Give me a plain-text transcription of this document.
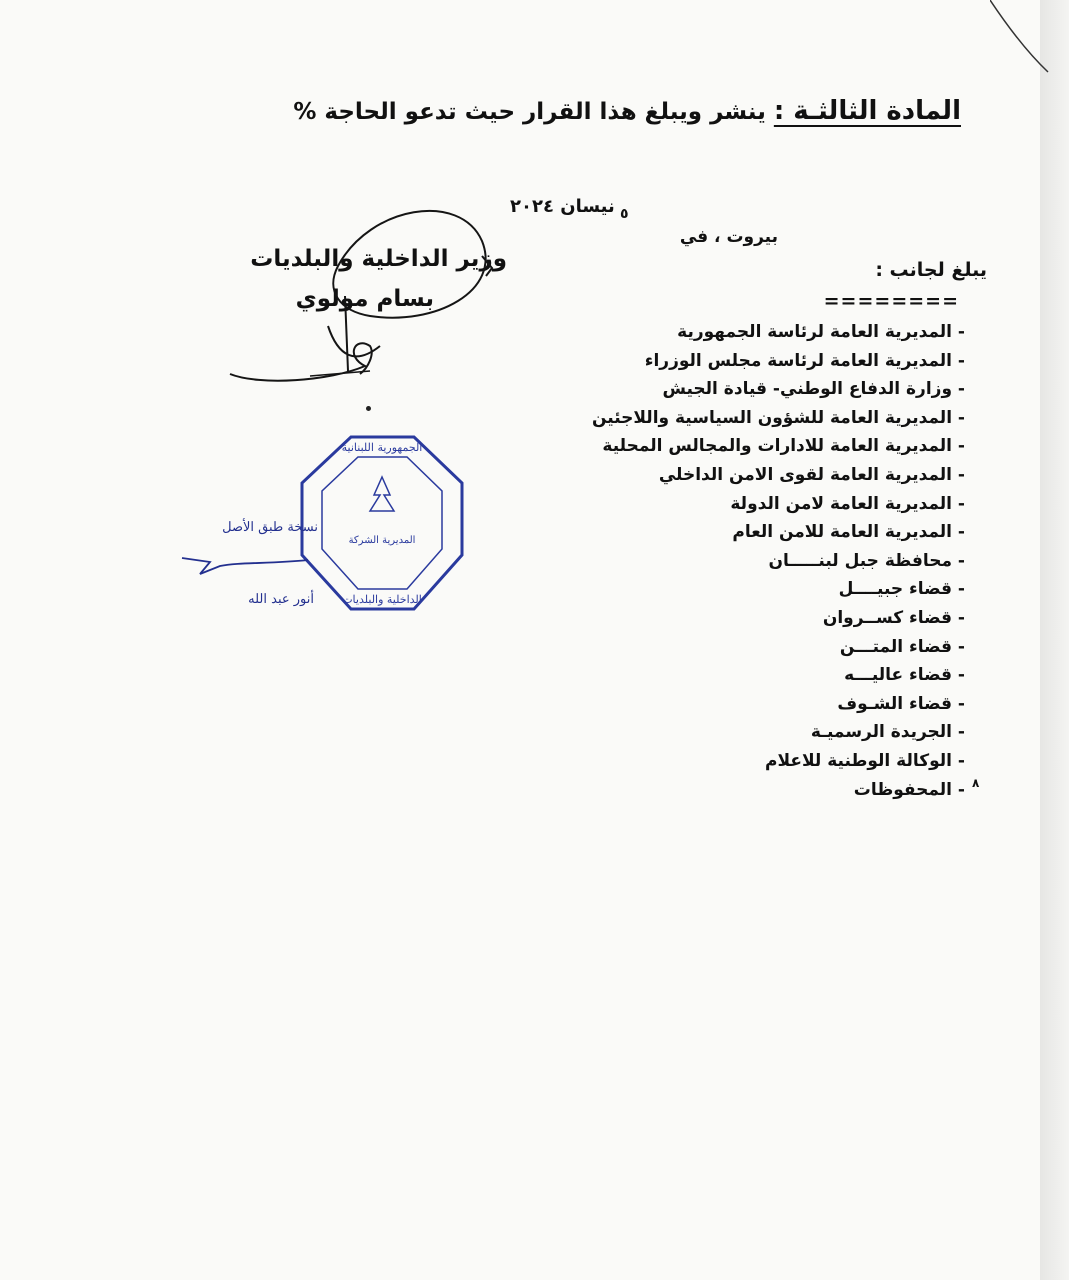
المادة الثالثـة : ينشر ويبلغ هذا القرار حيث تدعو الحاجة %
٥
نيسان ٢٠٢٤
بيروت ، في
وزير الداخلية والبلديات
بسام مولوي
يبلغ لجانب :
========
- المديرية العامة لرئاسة الجمهورية
- المديرية العامة لرئاسة مجلس الوزراء
- وزارة الدفاع الوطني- قيادة الجيش
- المديرية العامة للشؤون السياسية واللاجئين
- المديرية العامة للادارات والمجالس المحلية
- المديرية العامة لقوى الامن الداخلي
- المديرية العامة لامن الدولة
- المديرية العامة للامن العام
- محافظة جبل لبنـــــان
- قضاء جبيــــل
- قضاء كســروان
- قضاء المتـــن
- قضاء عاليـــه
- قضاء الشـوف
- الجريدة الرسميـة
- الوكالة الوطنية للاعلام
- المحفوظات	٨
الجمهورية اللبنانية
المديرية الشركة
الداخلية والبلديات
نسخة طبق الأصل
أنور عبد الله
